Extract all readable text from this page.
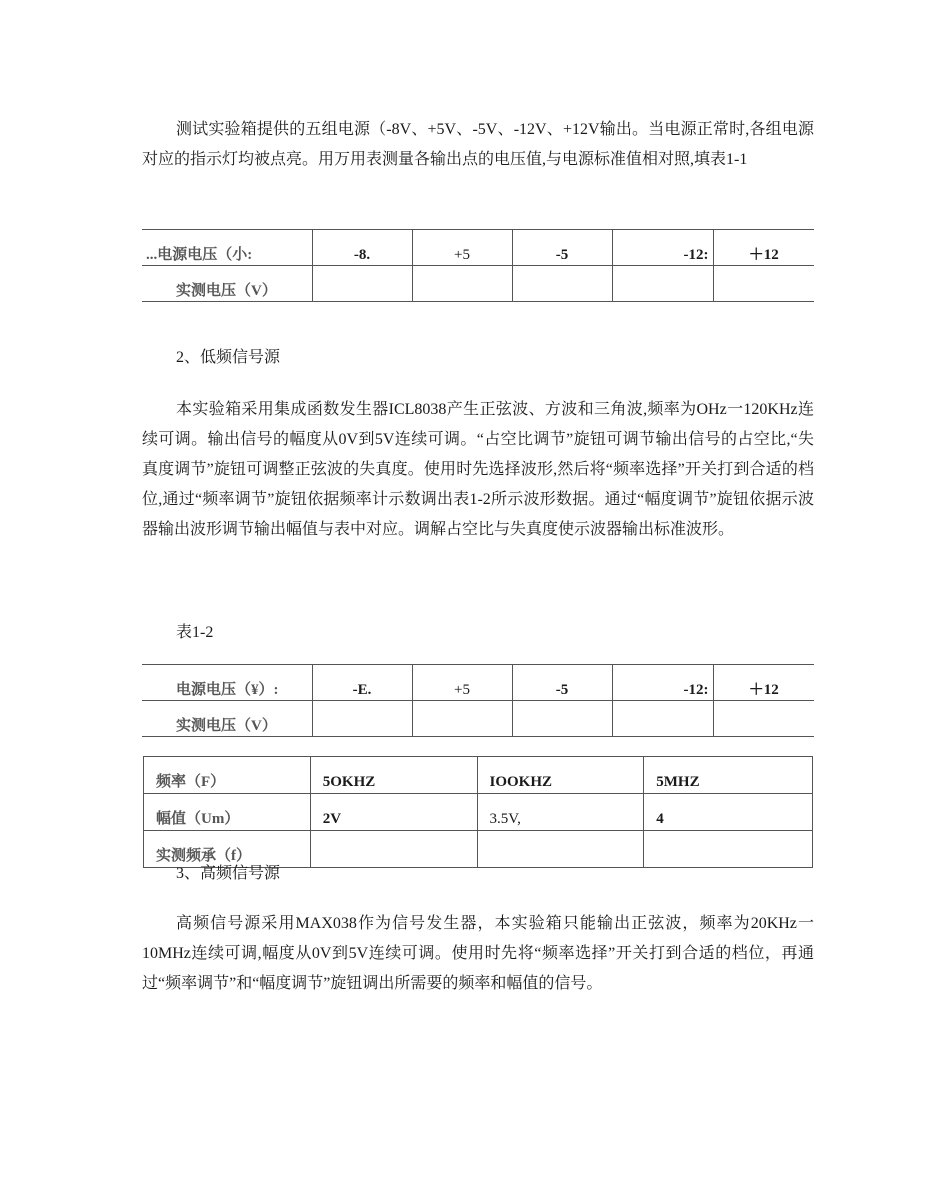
测试实验箱提供的五组电源（-8V、+5V、-5V、-12V、+12V输出。当电源正常时,各组电源对应的指示灯均被点亮。用万用表测量各输出点的电压值,与电源标准值相对照,填表1-1

...电源电压（小:	-8.	+5	-5	-12:	＋12
实测电压（V）					

2、低频信号源

本实验箱采用集成函数发生器ICL8038产生正弦波、方波和三角波,频率为OHz一120KHz连续可调。输出信号的幅度从0V到5V连续可调。“占空比调节”旋钮可调节输出信号的占空比,“失真度调节”旋钮可调整正弦波的失真度。使用时先选择波形,然后将“频率选择”开关打到合适的档位,通过“频率调节”旋钮依据频率计示数调出表1-2所示波形数据。通过“幅度调节”旋钮依据示波器输出波形调节输出幅值与表中对应。调解占空比与失真度使示波器输出标准波形。

表1-2

电源电压（¥）:	-E.	+5	-5	-12:	＋12
实测电压（V）					
频率（F）	5OKHZ	IOOKHZ	5MHZ
幅值（Um）	2V	3.5V,	4
实测频承（f）			

3、高频信号源

高频信号源采用MAX038作为信号发生器，本实验箱只能输出正弦波，频率为20KHz一10MHz连续可调,幅度从0V到5V连续可调。使用时先将“频率选择”开关打到合适的档位，再通过“频率调节”和“幅度调节”旋钮调出所需要的频率和幅值的信号。
